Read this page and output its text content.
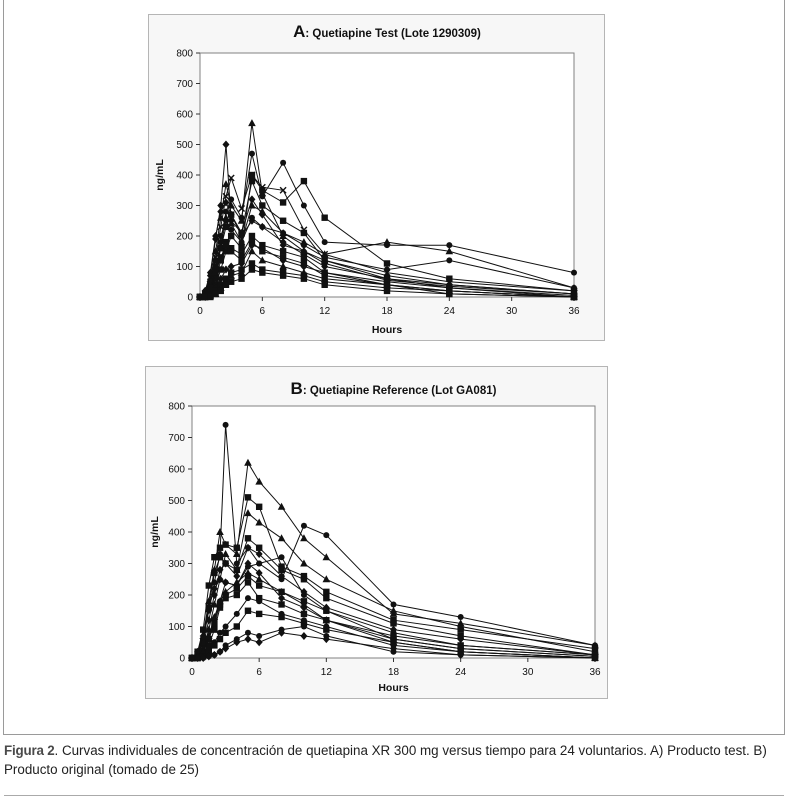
A: Quetiapine Test (Lote 1290309)
0
100
200
300
400
500
600
700
800
0	6	12	18	24	30	36
Hours
ng/mL
B: Quetiapine Reference (Lot GA081)
0
100
200
300
400
500
600
700
800
0	6	12	18	24	30	36
Hours
ng/mL
Figura 2. Curvas individuales de concentración de quetiapina XR 300 mg versus tiempo para 24 voluntarios. A) Producto test. B) Producto original (tomado de 25)
